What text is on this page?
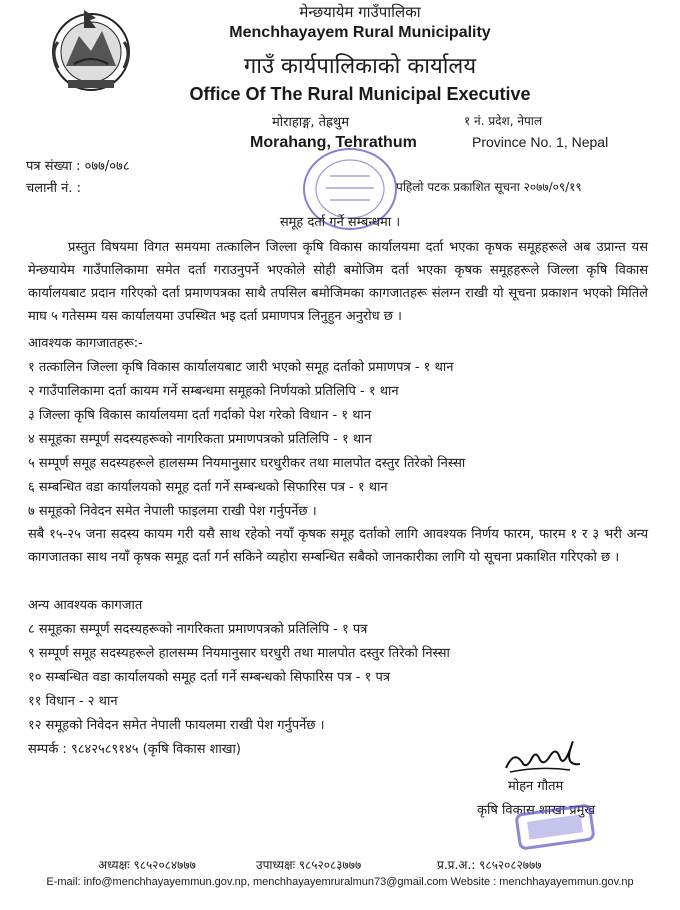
मेन्छयायेम गाउँपालिका
Menchhayayem Rural Municipality
गाउँ कार्यपालिकाको कार्यालय
Office Of The Rural Municipal Executive
मोराहाङ्ग, तेह्रथुम
Morahang, Tehrathum
१ नं. प्रदेश, नेपाल
Province No. 1, Nepal
पत्र संख्या : ०७७/०७८
चलानी नं. :	पहिलो पटक प्रकाशित सूचना २०७७/०९/१९
समूह दर्ता गर्ने सम्बन्धमा ।
प्रस्तुत विषयमा विगत समयमा तत्कालिन जिल्ला कृषि विकास कार्यालयमा दर्ता भएका कृषक समूहहरूले अब उप्रान्त यस मेन्छयायेम गाउँपालिकामा समेत दर्ता गराउनुपर्ने भएकोले सोही बमोजिम दर्ता भएका कृषक समूहहरूले जिल्ला कृषि विकास कार्यालयबाट प्रदान गरिएको दर्ता प्रमाणपत्रका साथै तपसिल बमोजिमका कागजातहरू संलग्न राखी यो सूचना प्रकाशन भएको मितिले माघ ५ गतेसम्म यस कार्यालयमा उपस्थित भइ दर्ता प्रमाणपत्र लिनुहुन अनुरोध छ ।
आवश्यक कागजातहरू:-
१ तत्कालिन जिल्ला कृषि विकास कार्यालयबाट जारी भएको समूह दर्ताको प्रमाणपत्र - १ थान
२ गाउँपालिकामा दर्ता कायम गर्ने सम्बन्धमा समूहको निर्णयको प्रतिलिपि - १ थान
३ जिल्ला कृषि विकास कार्यालयमा दर्ता गर्दाको पेश गरेको विधान - १ थान
४ समूहका सम्पूर्ण सदस्यहरूको नागरिकता प्रमाणपत्रको प्रतिलिपि - १ थान
५ सम्पूर्ण समूह सदस्यहरूले हालसम्म नियमानुसार घरधुरीकर तथा मालपोत दस्तुर तिरेको निस्सा
६ सम्बन्धित वडा कार्यालयको समूह दर्ता गर्ने सम्बन्धको सिफारिस पत्र - १ थान
७ समूहको निवेदन समेत नेपाली फाइलमा राखी पेश गर्नुपर्नेछ ।
सबै १५-२५ जना सदस्य कायम गरी यसै साथ रहेको नयाँ कृषक समूह दर्ताको लागि आवश्यक निर्णय फारम, फारम १ र ३ भरी अन्य कागजातका साथ नयाँ कृषक समूह दर्ता गर्न सकिने व्यहोरा सम्बन्धित सबैको जानकारीका लागि यो सूचना प्रकाशित गरिएको छ ।
अन्य आवश्यक कागजात
८ समूहका सम्पूर्ण सदस्यहरूको नागरिकता प्रमाणपत्रको प्रतिलिपि - १ पत्र
९ सम्पूर्ण समूह सदस्यहरूले हालसम्म नियमानुसार घरधुरी तथा मालपोत दस्तुर तिरेको निस्सा
१० सम्बन्धित वडा कार्यालयको समूह दर्ता गर्ने सम्बन्धको सिफारिस पत्र - १ पत्र
११ विधान - २ थान
१२ समूहको निवेदन समेत नेपाली फायलमा राखी पेश गर्नुपर्नेछ ।
सम्पर्क : ९८४२५८९१४५ (कृषि विकास शाखा)
मोहन गौतम
कृषि विकास शाखा प्रमुख
अध्यक्षः ९८५२०८४७७७	उपाध्यक्षः ९८५२०८३७७७	प्र.प्र.अ.: ९८५२०८२७७७
E-mail: info@menchhayayemmun.gov.np, menchhayayemruralmun73@gmail.com Website : menchhayayemmun.gov.np
